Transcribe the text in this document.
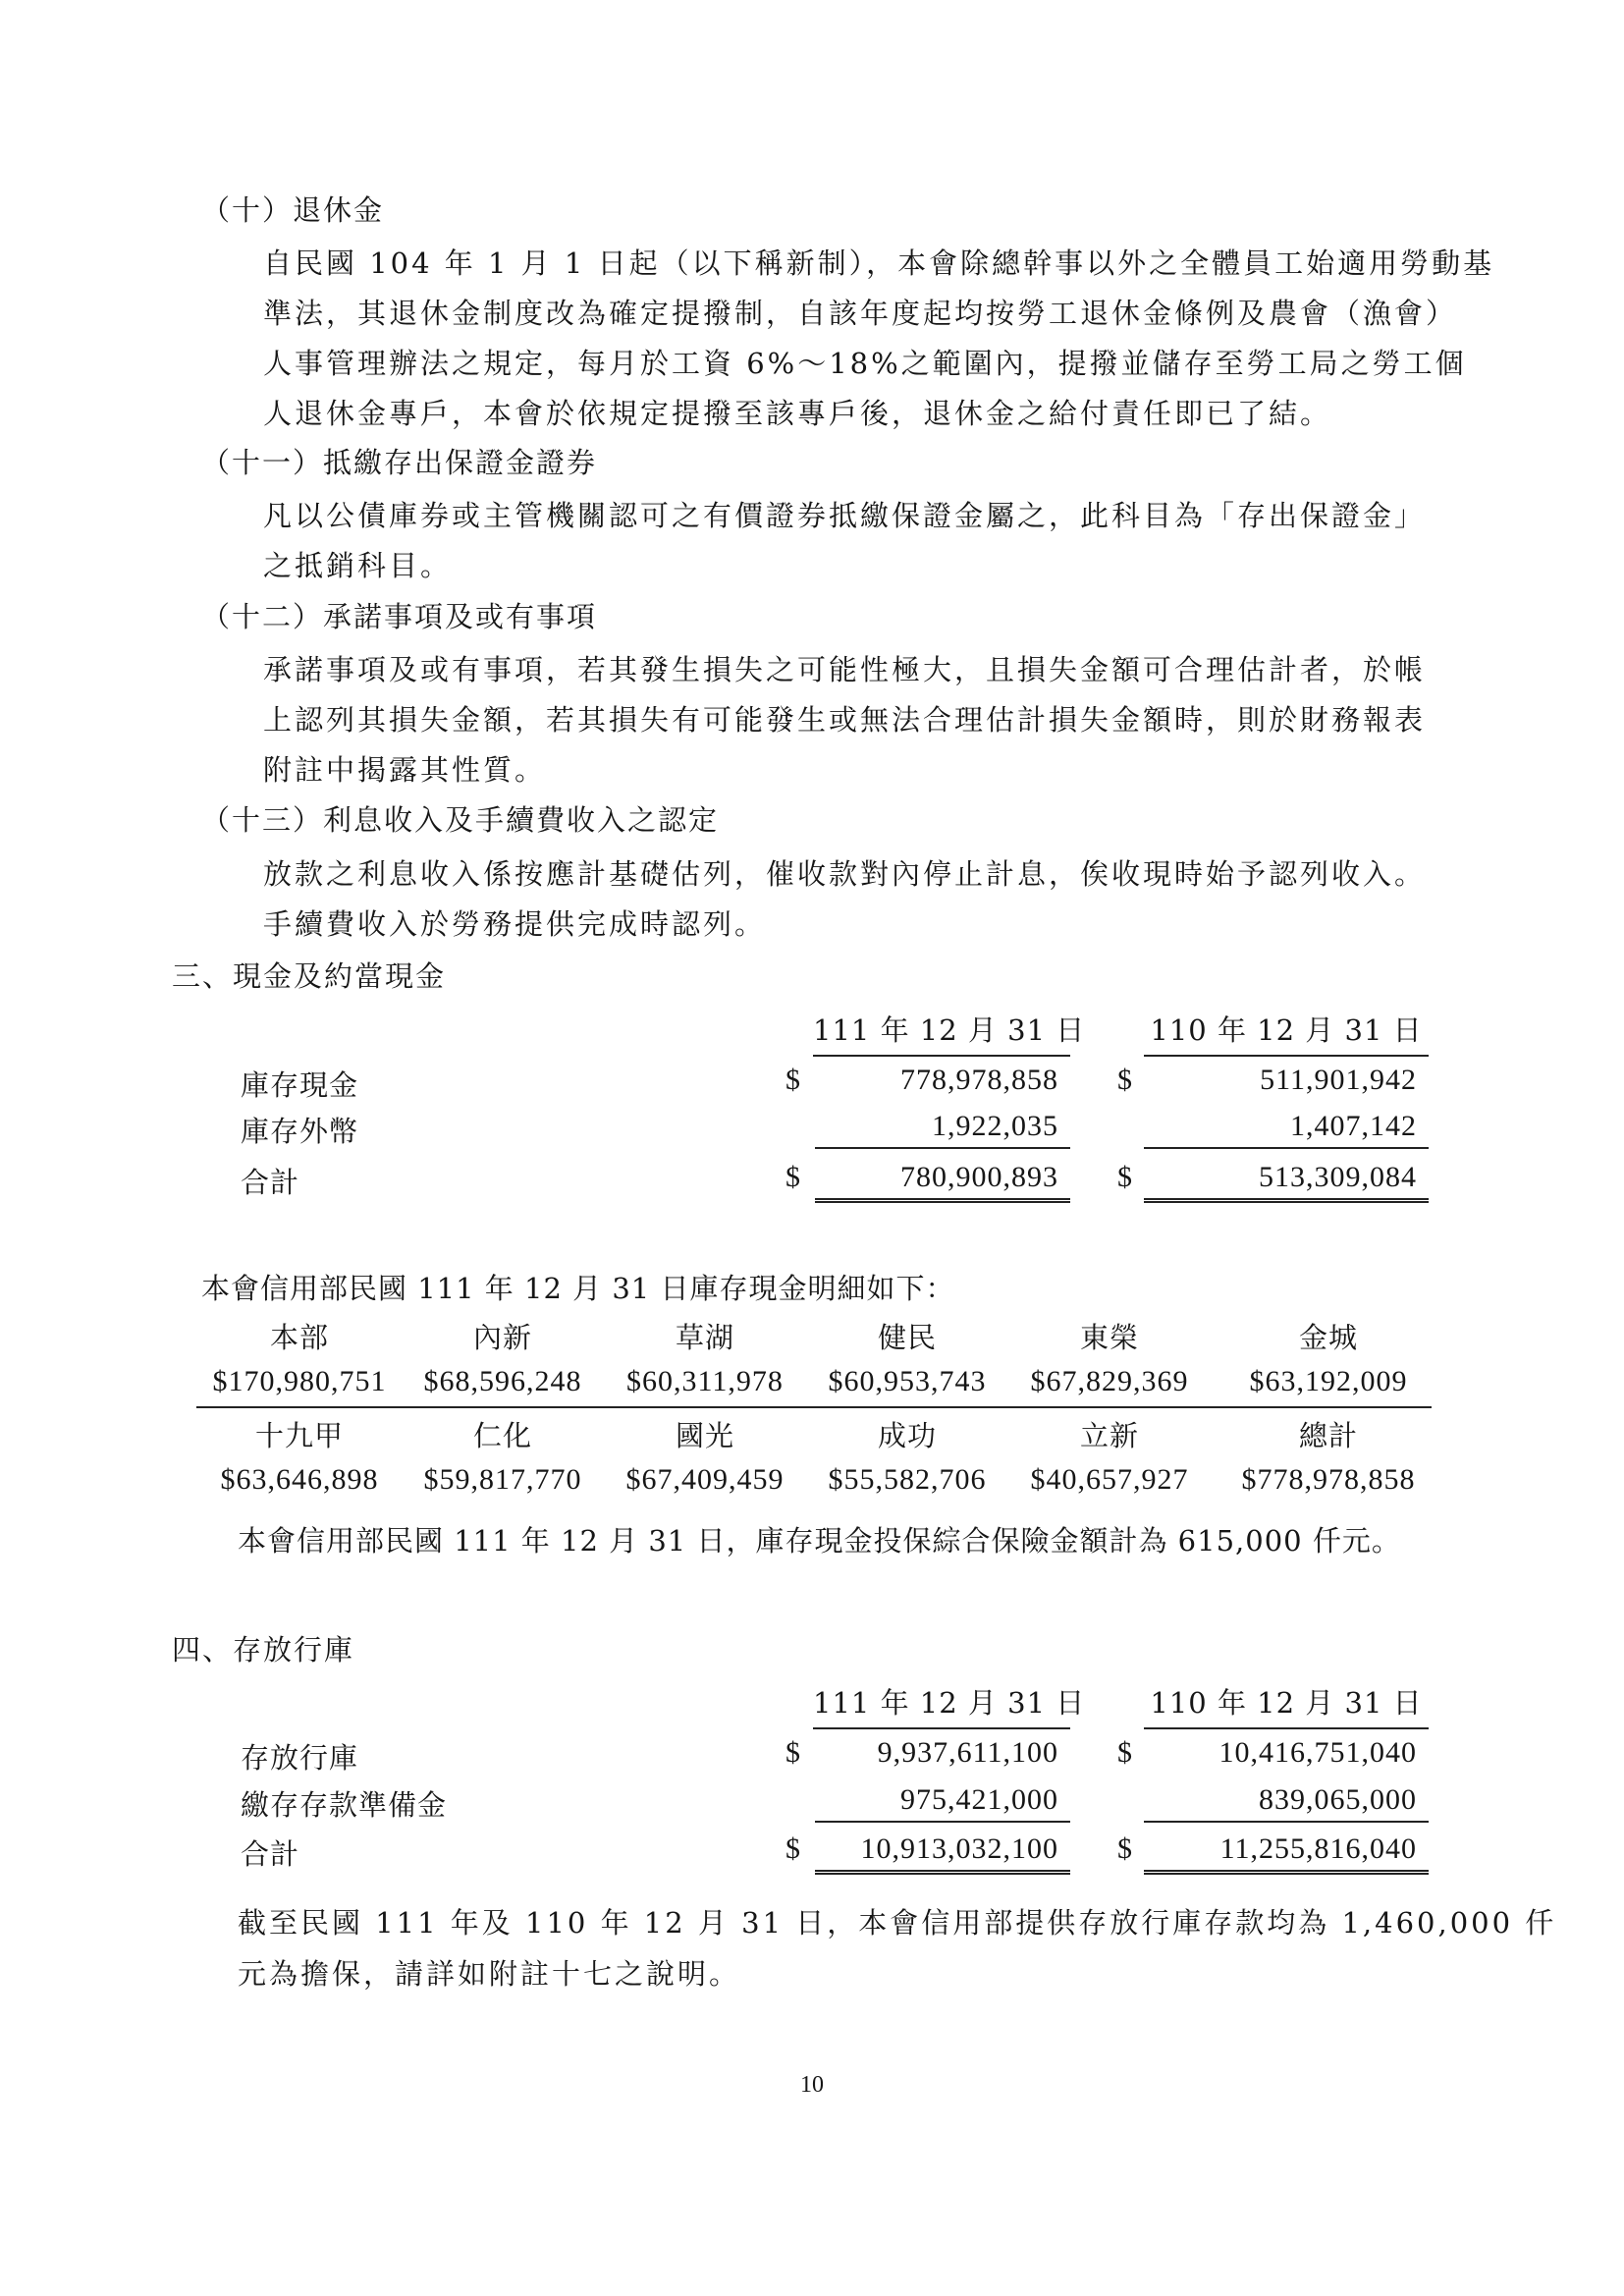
（十）退休金
自民國 104 年 1 月 1 日起（以下稱新制），本會除總幹事以外之全體員工始適用勞動基
準法，其退休金制度改為確定提撥制，自該年度起均按勞工退休金條例及農會（漁會）
人事管理辦法之規定，每月於工資 6%～18%之範圍內，提撥並儲存至勞工局之勞工個
人退休金專戶，本會於依規定提撥至該專戶後，退休金之給付責任即已了結。
（十一）抵繳存出保證金證券
凡以公債庫券或主管機關認可之有價證券抵繳保證金屬之，此科目為「存出保證金」
之抵銷科目。
（十二）承諾事項及或有事項
承諾事項及或有事項，若其發生損失之可能性極大，且損失金額可合理估計者，於帳
上認列其損失金額，若其損失有可能發生或無法合理估計損失金額時，則於財務報表
附註中揭露其性質。
（十三）利息收入及手續費收入之認定
放款之利息收入係按應計基礎估列，催收款對內停止計息，俟收現時始予認列收入。
手續費收入於勞務提供完成時認列。
三、現金及約當現金
111 年 12 月 31 日 110 年 12 月 31 日
庫存現金	$	778,978,858 $	511,901,942
庫存外幣	1,922,035	1,407,142
合計	$	780,900,893	$	513,309,084
本會信用部民國 111 年 12 月 31 日庫存現金明細如下：
本部	內新	草湖	健民	東榮	金城
$170,980,751	$68,596,248	$60,311,978	$60,953,743	$67,829,369	$63,192,009
十九甲	仁化	國光	成功	立新	總計
$63,646,898	$59,817,770	$67,409,459	$55,582,706	$40,657,927	$778,978,858
本會信用部民國 111 年 12 月 31 日，庫存現金投保綜合保險金額計為 615,000 仟元。
四、存放行庫
111 年 12 月 31 日 110 年 12 月 31 日
存放行庫	$	9,937,611,100 $	10,416,751,040
繳存存款準備金	975,421,000	839,065,000
合計	$	10,913,032,100	$	11,255,816,040
截至民國 111 年及 110 年 12 月 31 日，本會信用部提供存放行庫存款均為 1,460,000 仟
元為擔保，請詳如附註十七之說明。
10
